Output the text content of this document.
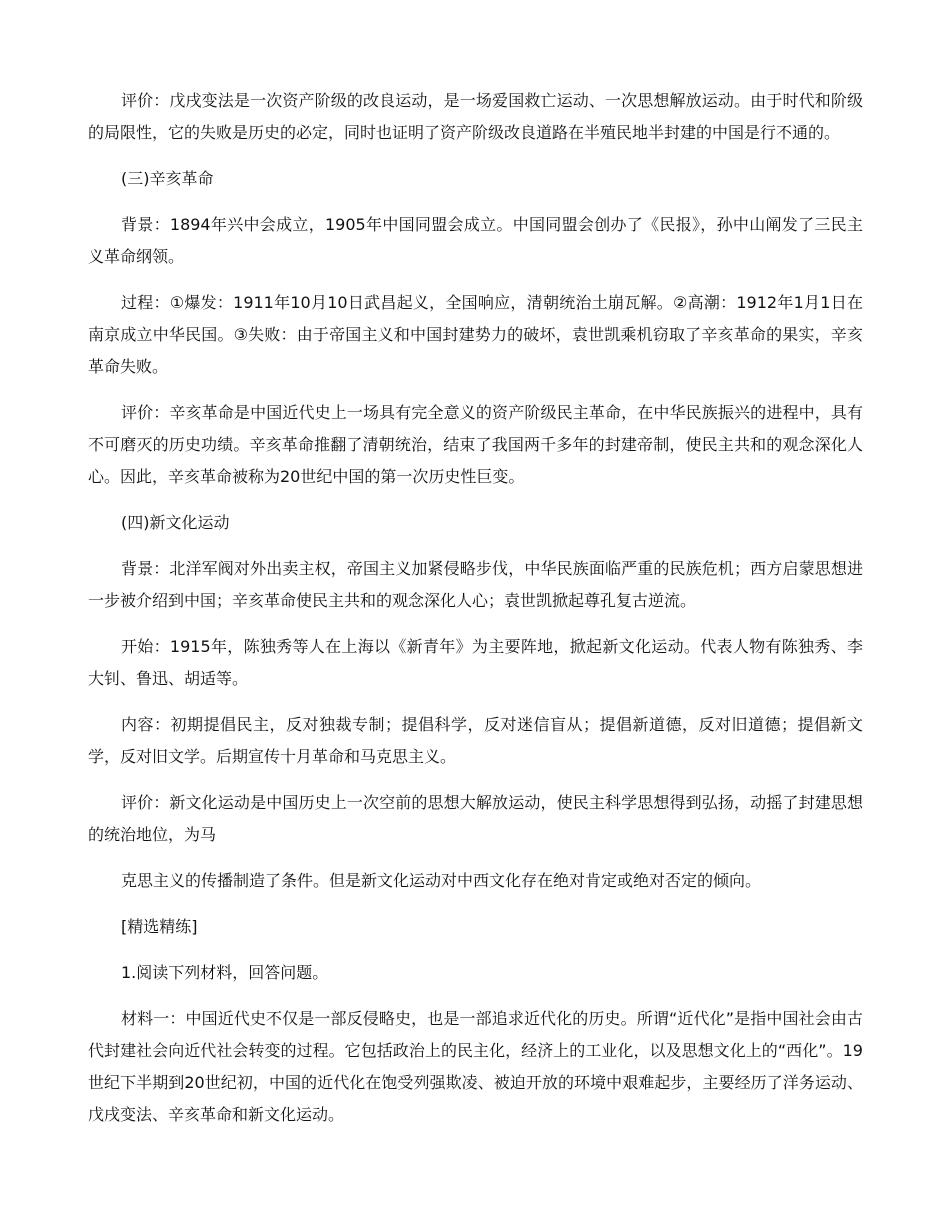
评价：戊戌变法是一次资产阶级的改良运动，是一场爱国救亡运动、一次思想解放运动。由于时代和阶级的局限性，它的失败是历史的必定，同时也证明了资产阶级改良道路在半殖民地半封建的中国是行不通的。

(三)辛亥革命

背景：1894年兴中会成立，1905年中国同盟会成立。中国同盟会创办了《民报》，孙中山阐发了三民主义革命纲领。

过程：①爆发：1911年10月10日武昌起义，全国响应，清朝统治土崩瓦解。②高潮：1912年1月1日在南京成立中华民国。③失败：由于帝国主义和中国封建势力的破坏，袁世凯乘机窃取了辛亥革命的果实，辛亥革命失败。

评价：辛亥革命是中国近代史上一场具有完全意义的资产阶级民主革命，在中华民族振兴的进程中，具有不可磨灭的历史功绩。辛亥革命推翻了清朝统治，结束了我国两千多年的封建帝制，使民主共和的观念深化人心。因此，辛亥革命被称为20世纪中国的第一次历史性巨变。

(四)新文化运动

背景：北洋军阀对外出卖主权，帝国主义加紧侵略步伐，中华民族面临严重的民族危机；西方启蒙思想进一步被介绍到中国；辛亥革命使民主共和的观念深化人心；袁世凯掀起尊孔复古逆流。

开始：1915年，陈独秀等人在上海以《新青年》为主要阵地，掀起新文化运动。代表人物有陈独秀、李大钊、鲁迅、胡适等。

内容：初期提倡民主，反对独裁专制；提倡科学，反对迷信盲从；提倡新道德，反对旧道德；提倡新文学，反对旧文学。后期宣传十月革命和马克思主义。

评价：新文化运动是中国历史上一次空前的思想大解放运动，使民主科学思想得到弘扬，动摇了封建思想的统治地位，为马

克思主义的传播制造了条件。但是新文化运动对中西文化存在绝对肯定或绝对否定的倾向。

[精选精练]

1.阅读下列材料，回答问题。

材料一：中国近代史不仅是一部反侵略史，也是一部追求近代化的历史。所谓“近代化”是指中国社会由古代封建社会向近代社会转变的过程。它包括政治上的民主化，经济上的工业化，以及思想文化上的“西化”。19世纪下半期到20世纪初，中国的近代化在饱受列强欺凌、被迫开放的环境中艰难起步，主要经历了洋务运动、戊戌变法、辛亥革命和新文化运动。
